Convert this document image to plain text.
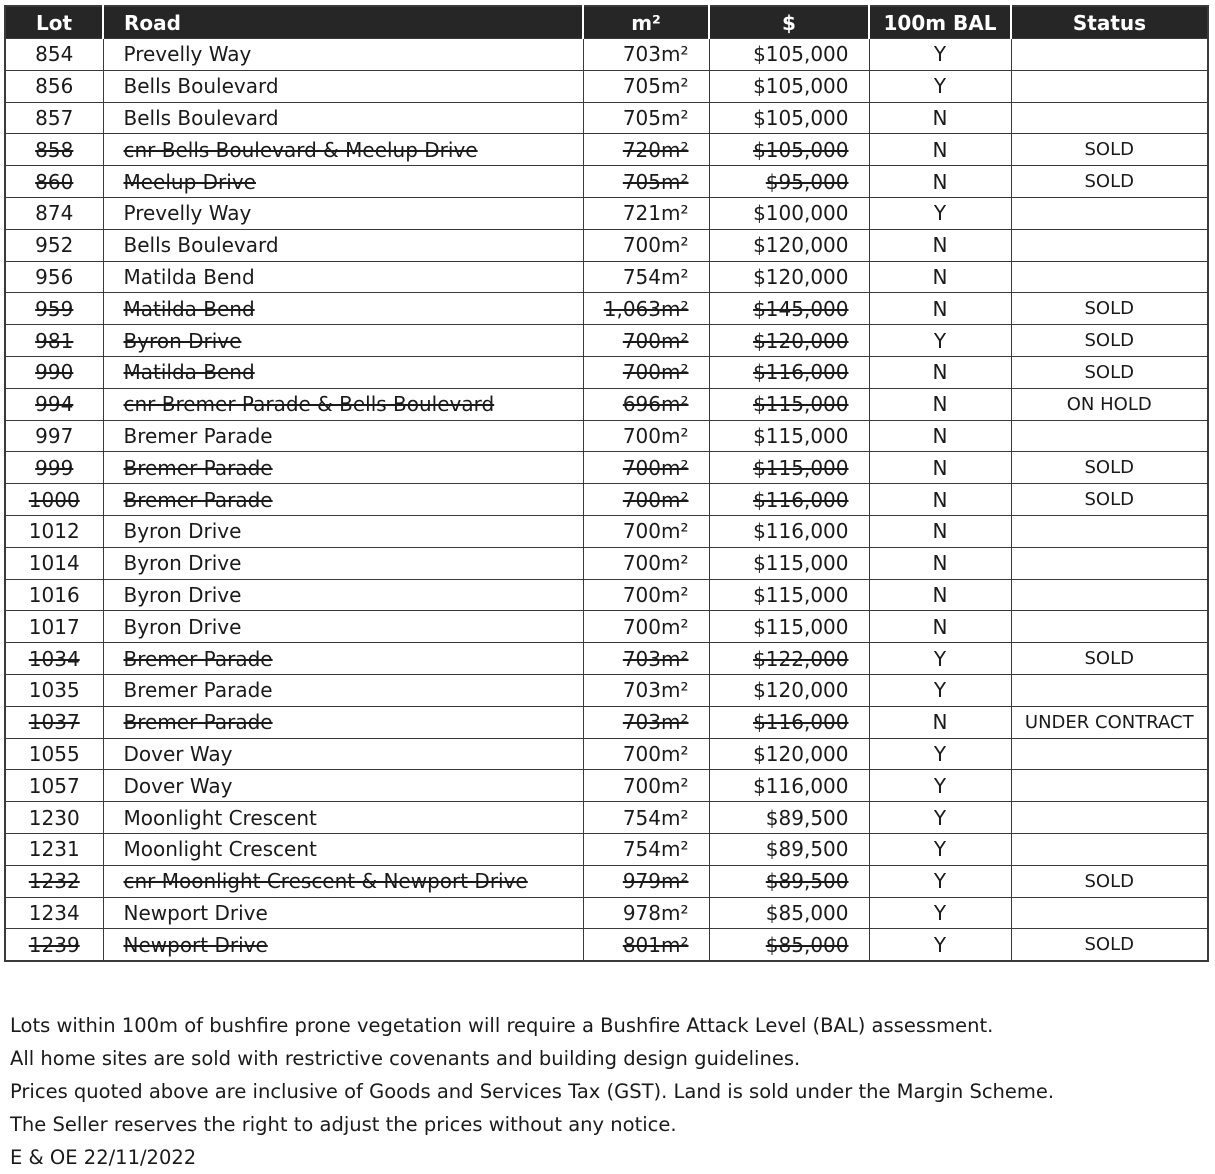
Lot	Road	m²	$	100m BAL	Status
854	Prevelly Way	703m²	$105,000	Y	
856	Bells Boulevard	705m²	$105,000	Y	
857	Bells Boulevard	705m²	$105,000	N	
858	cnr Bells Boulevard & Meelup Drive	720m²	$105,000	N	SOLD
860	Meelup Drive	705m²	$95,000	N	SOLD
874	Prevelly Way	721m²	$100,000	Y	
952	Bells Boulevard	700m²	$120,000	N	
956	Matilda Bend	754m²	$120,000	N	
959	Matilda Bend	1,063m²	$145,000	N	SOLD
981	Byron Drive	700m²	$120,000	Y	SOLD
990	Matilda Bend	700m²	$116,000	N	SOLD
994	cnr Bremer Parade & Bells Boulevard	696m²	$115,000	N	ON HOLD
997	Bremer Parade	700m²	$115,000	N	
999	Bremer Parade	700m²	$115,000	N	SOLD
1000	Bremer Parade	700m²	$116,000	N	SOLD
1012	Byron Drive	700m²	$116,000	N	
1014	Byron Drive	700m²	$115,000	N	
1016	Byron Drive	700m²	$115,000	N	
1017	Byron Drive	700m²	$115,000	N	
1034	Bremer Parade	703m²	$122,000	Y	SOLD
1035	Bremer Parade	703m²	$120,000	Y	
1037	Bremer Parade	703m²	$116,000	N	UNDER CONTRACT
1055	Dover Way	700m²	$120,000	Y	
1057	Dover Way	700m²	$116,000	Y	
1230	Moonlight Crescent	754m²	$89,500	Y	
1231	Moonlight Crescent	754m²	$89,500	Y	
1232	cnr Moonlight Crescent & Newport Drive	979m²	$89,500	Y	SOLD
1234	Newport Drive	978m²	$85,000	Y	
1239	Newport Drive	801m²	$85,000	Y	SOLD
Lots within 100m of bushfire prone vegetation will require a Bushfire Attack Level (BAL) assessment.
All home sites are sold with restrictive covenants and building design guidelines.
Prices quoted above are inclusive of Goods and Services Tax (GST). Land is sold under the Margin Scheme.
The Seller reserves the right to adjust the prices without any notice.
E & OE 22/11/2022
